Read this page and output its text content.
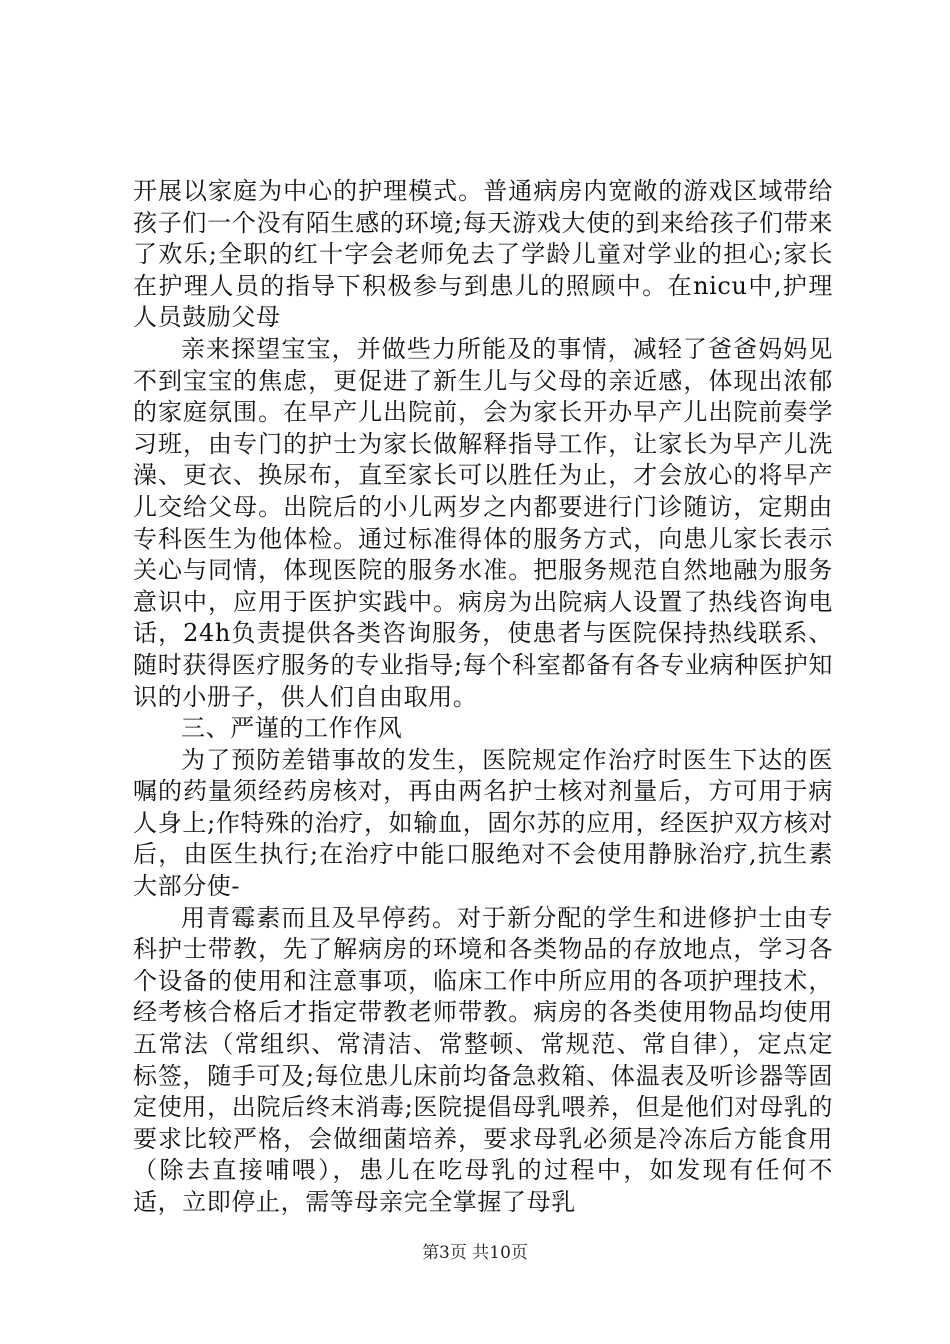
开展以家庭为中心的护理模式。普通病房内宽敞的游戏区域带给孩子们一个没有陌生感的环境;每天游戏大使的到来给孩子们带来了欢乐;全职的红十字会老师免去了学龄儿童对学业的担心;家长在护理人员的指导下积极参与到患儿的照顾中。在nicu中,护理人员鼓励父母

亲来探望宝宝，并做些力所能及的事情，减轻了爸爸妈妈见不到宝宝的焦虑，更促进了新生儿与父母的亲近感，体现出浓郁的家庭氛围。在早产儿出院前，会为家长开办早产儿出院前奏学习班，由专门的护士为家长做解释指导工作，让家长为早产儿洗澡、更衣、换尿布，直至家长可以胜任为止，才会放心的将早产儿交给父母。出院后的小儿两岁之内都要进行门诊随访，定期由专科医生为他体检。通过标准得体的服务方式，向患儿家长表示关心与同情，体现医院的服务水准。把服务规范自然地融为服务意识中，应用于医护实践中。病房为出院病人设置了热线咨询电话，24h负责提供各类咨询服务，使患者与医院保持热线联系、随时获得医疗服务的专业指导;每个科室都备有各专业病种医护知识的小册子，供人们自由取用。

三、严谨的工作作风

为了预防差错事故的发生，医院规定作治疗时医生下达的医嘱的药量须经药房核对，再由两名护士核对剂量后，方可用于病人身上;作特殊的治疗，如输血，固尔苏的应用，经医护双方核对后，由医生执行;在治疗中能口服绝对不会使用静脉治疗,抗生素大部分使-

用青霉素而且及早停药。对于新分配的学生和进修护士由专科护士带教，先了解病房的环境和各类物品的存放地点，学习各个设备的使用和注意事项，临床工作中所应用的各项护理技术，经考核合格后才指定带教老师带教。病房的各类使用物品均使用五常法（常组织、常清洁、常整顿、常规范、常自律），定点定标签，随手可及;每位患儿床前均备急救箱、体温表及听诊器等固定使用，出院后终末消毒;医院提倡母乳喂养，但是他们对母乳的要求比较严格，会做细菌培养，要求母乳必须是冷冻后方能食用（除去直接哺喂），患儿在吃母乳的过程中，如发现有任何不适，立即停止，需等母亲完全掌握了母乳

第3页 共10页
